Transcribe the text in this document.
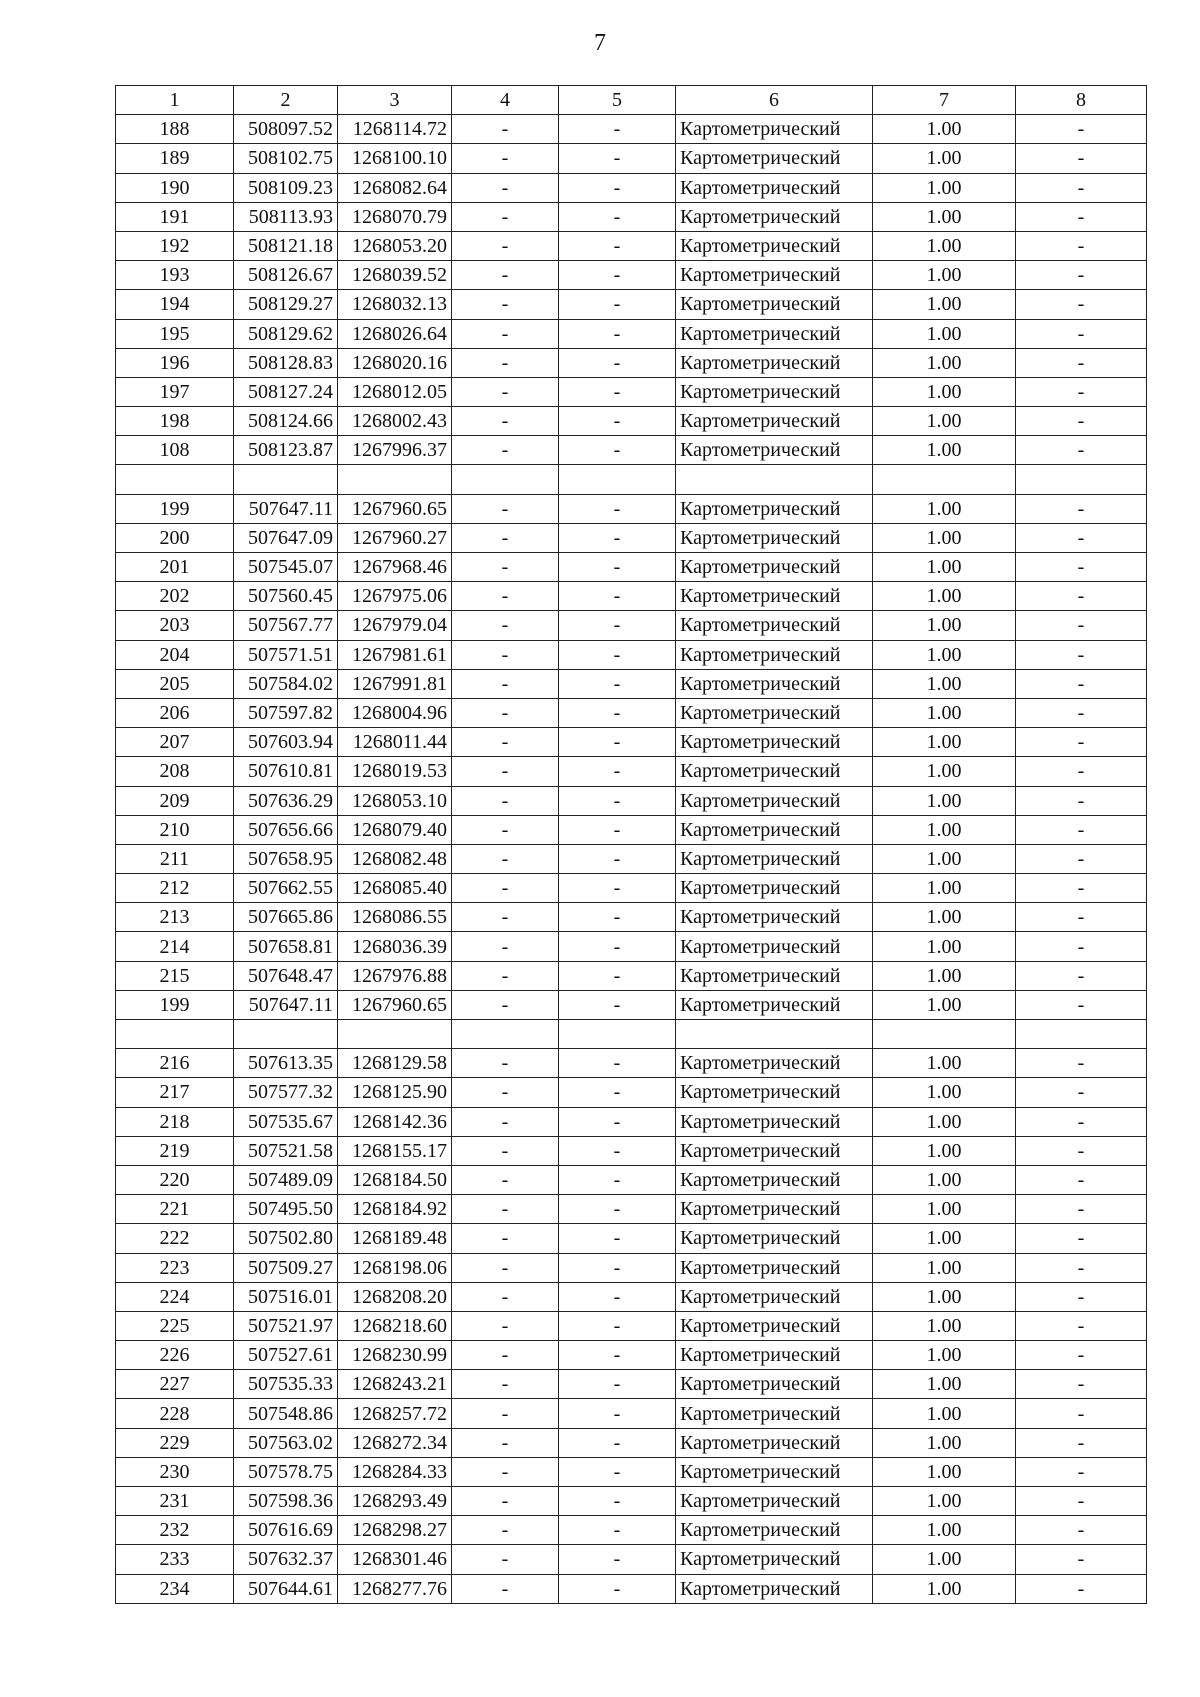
7
1	2	3	4	5	6	7	8
188	508097.52	1268114.72	-	-	Картометрический	1.00	-
189	508102.75	1268100.10	-	-	Картометрический	1.00	-
190	508109.23	1268082.64	-	-	Картометрический	1.00	-
191	508113.93	1268070.79	-	-	Картометрический	1.00	-
192	508121.18	1268053.20	-	-	Картометрический	1.00	-
193	508126.67	1268039.52	-	-	Картометрический	1.00	-
194	508129.27	1268032.13	-	-	Картометрический	1.00	-
195	508129.62	1268026.64	-	-	Картометрический	1.00	-
196	508128.83	1268020.16	-	-	Картометрический	1.00	-
197	508127.24	1268012.05	-	-	Картометрический	1.00	-
198	508124.66	1268002.43	-	-	Картометрический	1.00	-
108	508123.87	1267996.37	-	-	Картометрический	1.00	-

199	507647.11	1267960.65	-	-	Картометрический	1.00	-
200	507647.09	1267960.27	-	-	Картометрический	1.00	-
201	507545.07	1267968.46	-	-	Картометрический	1.00	-
202	507560.45	1267975.06	-	-	Картометрический	1.00	-
203	507567.77	1267979.04	-	-	Картометрический	1.00	-
204	507571.51	1267981.61	-	-	Картометрический	1.00	-
205	507584.02	1267991.81	-	-	Картометрический	1.00	-
206	507597.82	1268004.96	-	-	Картометрический	1.00	-
207	507603.94	1268011.44	-	-	Картометрический	1.00	-
208	507610.81	1268019.53	-	-	Картометрический	1.00	-
209	507636.29	1268053.10	-	-	Картометрический	1.00	-
210	507656.66	1268079.40	-	-	Картометрический	1.00	-
211	507658.95	1268082.48	-	-	Картометрический	1.00	-
212	507662.55	1268085.40	-	-	Картометрический	1.00	-
213	507665.86	1268086.55	-	-	Картометрический	1.00	-
214	507658.81	1268036.39	-	-	Картометрический	1.00	-
215	507648.47	1267976.88	-	-	Картометрический	1.00	-
199	507647.11	1267960.65	-	-	Картометрический	1.00	-

216	507613.35	1268129.58	-	-	Картометрический	1.00	-
217	507577.32	1268125.90	-	-	Картометрический	1.00	-
218	507535.67	1268142.36	-	-	Картометрический	1.00	-
219	507521.58	1268155.17	-	-	Картометрический	1.00	-
220	507489.09	1268184.50	-	-	Картометрический	1.00	-
221	507495.50	1268184.92	-	-	Картометрический	1.00	-
222	507502.80	1268189.48	-	-	Картометрический	1.00	-
223	507509.27	1268198.06	-	-	Картометрический	1.00	-
224	507516.01	1268208.20	-	-	Картометрический	1.00	-
225	507521.97	1268218.60	-	-	Картометрический	1.00	-
226	507527.61	1268230.99	-	-	Картометрический	1.00	-
227	507535.33	1268243.21	-	-	Картометрический	1.00	-
228	507548.86	1268257.72	-	-	Картометрический	1.00	-
229	507563.02	1268272.34	-	-	Картометрический	1.00	-
230	507578.75	1268284.33	-	-	Картометрический	1.00	-
231	507598.36	1268293.49	-	-	Картометрический	1.00	-
232	507616.69	1268298.27	-	-	Картометрический	1.00	-
233	507632.37	1268301.46	-	-	Картометрический	1.00	-
234	507644.61	1268277.76	-	-	Картометрический	1.00	-
